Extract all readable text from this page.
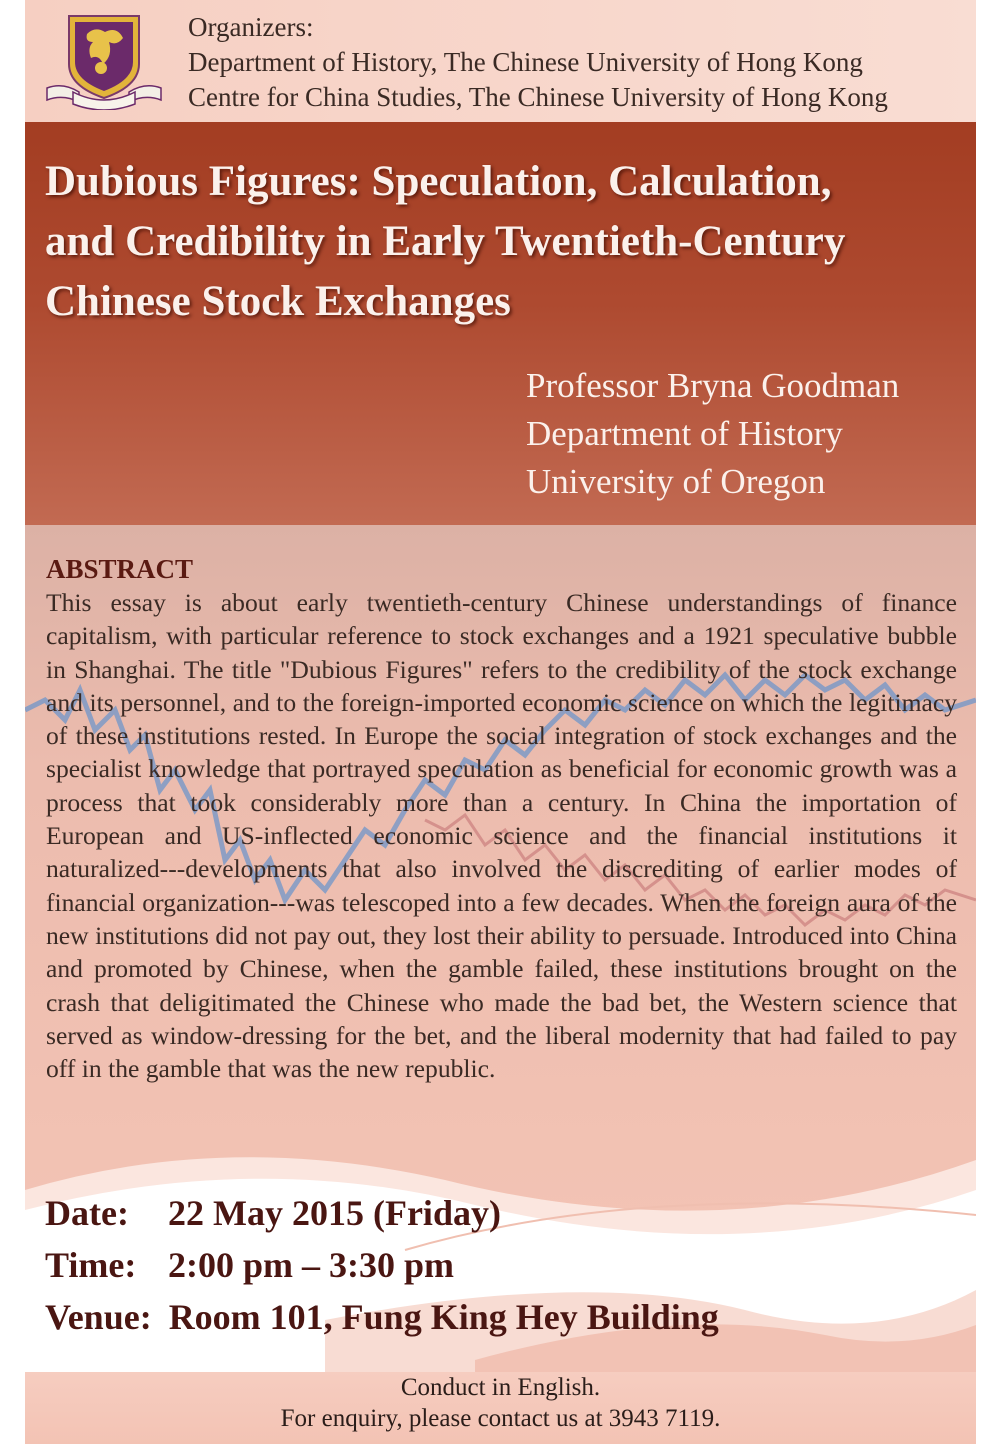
Organizers:
Department of History, The Chinese University of Hong Kong
Centre for China Studies, The Chinese University of Hong Kong
Dubious Figures: Speculation, Calculation,
and Credibility in Early Twentieth-Century
Chinese Stock Exchanges
Professor Bryna Goodman
Department of History
University of Oregon
ABSTRACT
This essay is about early twentieth-century Chinese understandings of finance capitalism, with particular reference to stock exchanges and a 1921 speculative bubble in Shanghai. The title "Dubious Figures" refers to the credibility of the stock exchange and its personnel, and to the foreign-imported economic science on which the legitimacy of these institutions rested. In Europe the social integration of stock exchanges and the specialist knowledge that portrayed speculation as beneficial for economic growth was a process that took considerably more than a century. In China the importation of European and US-inflected economic science and the financial institutions it naturalized---developments that also involved the discrediting of earlier modes of financial organization---was telescoped into a few decades. When the foreign aura of the new institutions did not pay out, they lost their ability to persuade. Introduced into China and promoted by Chinese, when the gamble failed, these institutions brought on the crash that deligitimated the Chinese who made the bad bet, the Western science that served as window-dressing for the bet, and the liberal modernity that had failed to pay off in the gamble that was the new republic.
Date: 22 May 2015 (Friday)
Time: 2:00 pm – 3:30 pm
Venue: Room 101, Fung King Hey Building
Conduct in English.
For enquiry, please contact us at 3943 7119.
